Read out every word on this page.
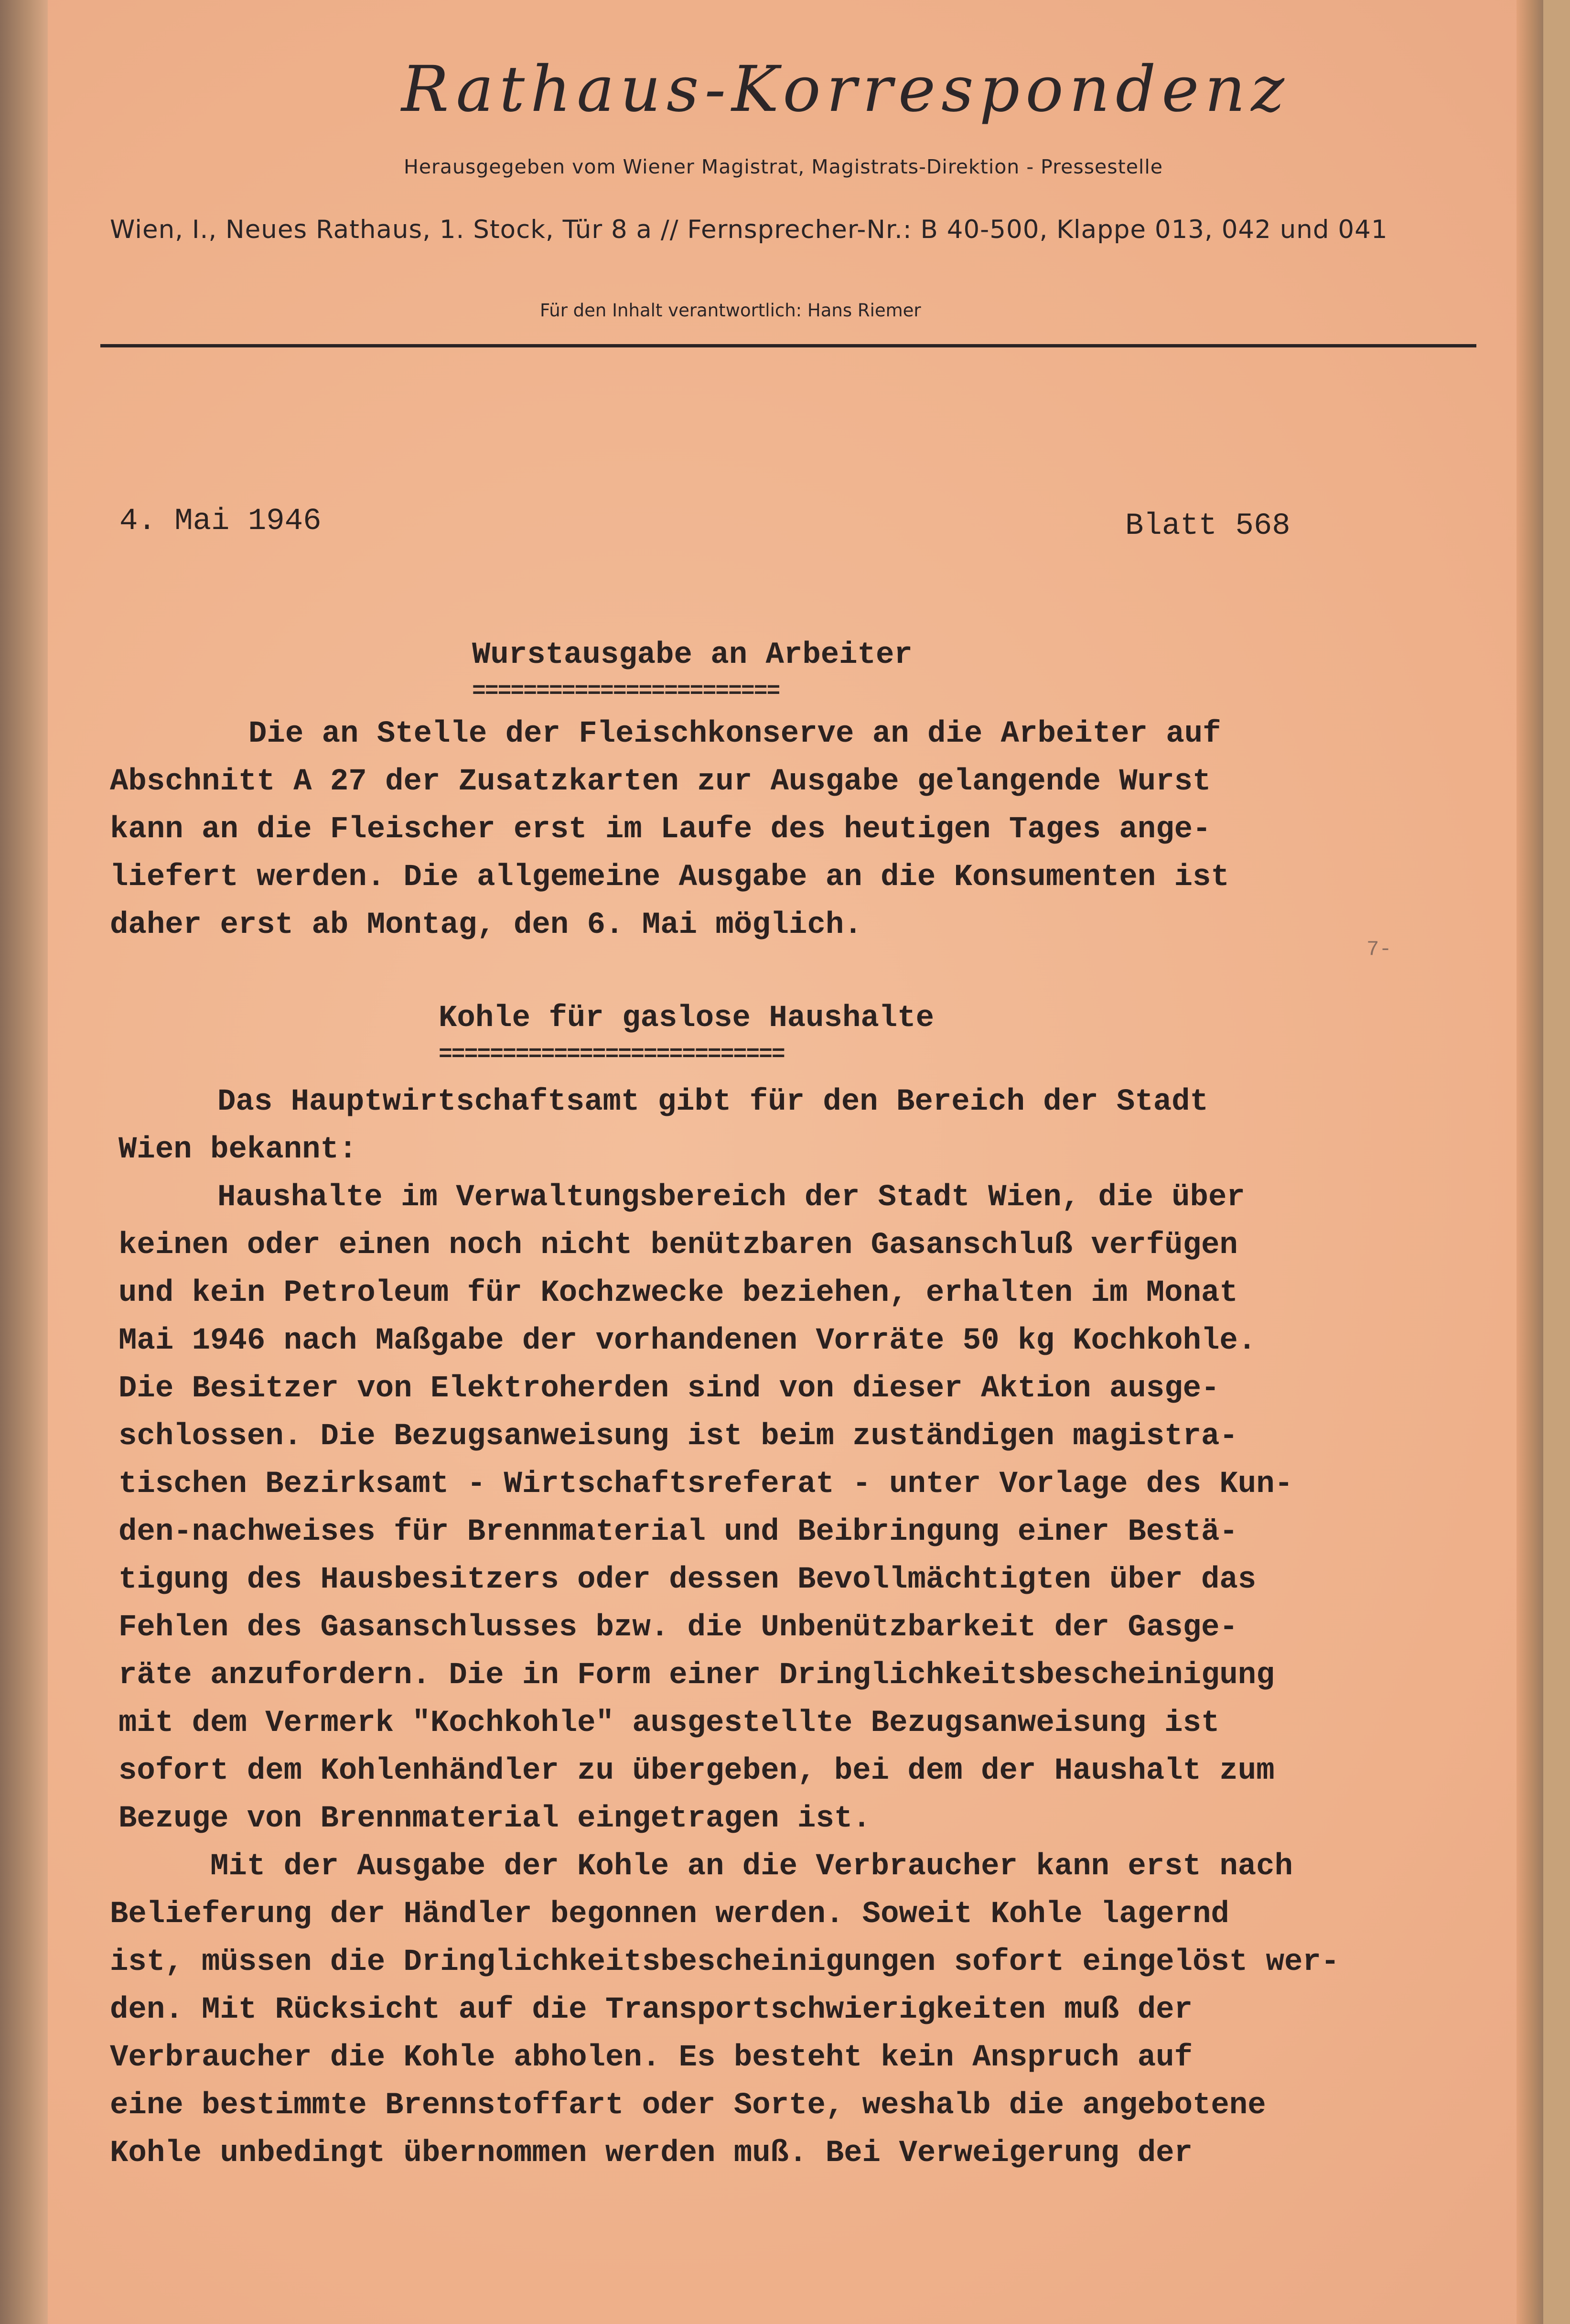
Rathaus-Korrespondenz
Herausgegeben vom Wiener Magistrat, Magistrats-Direktion - Pressestelle
Wien, I., Neues Rathaus, 1. Stock, Tür 8 a // Fernsprecher-Nr.: B 40-500, Klappe 013, 042 und 041
Für den Inhalt verantwortlich: Hans Riemer
4. Mai 1946	Blatt 568
Wurstausgabe an Arbeiter
========================
Die an Stelle der Fleischkonserve an die Arbeiter auf
Abschnitt A 27 der Zusatzkarten zur Ausgabe gelangende Wurst
kann an die Fleischer erst im Laufe des heutigen Tages ange-
liefert werden. Die allgemeine Ausgabe an die Konsumenten ist
daher erst ab Montag, den 6. Mai möglich.
7-
Kohle für gaslose Haushalte
===========================
Das Hauptwirtschaftsamt gibt für den Bereich der Stadt
Wien bekannt:
Haushalte im Verwaltungsbereich der Stadt Wien, die über
keinen oder einen noch nicht benützbaren Gasanschluß verfügen
und kein Petroleum für Kochzwecke beziehen, erhalten im Monat
Mai 1946 nach Maßgabe der vorhandenen Vorräte 50 kg Kochkohle.
Die Besitzer von Elektroherden sind von dieser Aktion ausge-
schlossen. Die Bezugsanweisung ist beim zuständigen magistra-
tischen Bezirksamt - Wirtschaftsreferat - unter Vorlage des Kun-
den-nachweises für Brennmaterial und Beibringung einer Bestä-
tigung des Hausbesitzers oder dessen Bevollmächtigten über das
Fehlen des Gasanschlusses bzw. die Unbenützbarkeit der Gasge-
räte anzufordern. Die in Form einer Dringlichkeitsbescheinigung
mit dem Vermerk "Kochkohle" ausgestellte Bezugsanweisung ist
sofort dem Kohlenhändler zu übergeben, bei dem der Haushalt zum
Bezuge von Brennmaterial eingetragen ist.
Mit der Ausgabe der Kohle an die Verbraucher kann erst nach
Belieferung der Händler begonnen werden. Soweit Kohle lagernd
ist, müssen die Dringlichkeitsbescheinigungen sofort eingelöst wer-
den. Mit Rücksicht auf die Transportschwierigkeiten muß der
Verbraucher die Kohle abholen. Es besteht kein Anspruch auf
eine bestimmte Brennstoffart oder Sorte, weshalb die angebotene
Kohle unbedingt übernommen werden muß. Bei Verweigerung der
